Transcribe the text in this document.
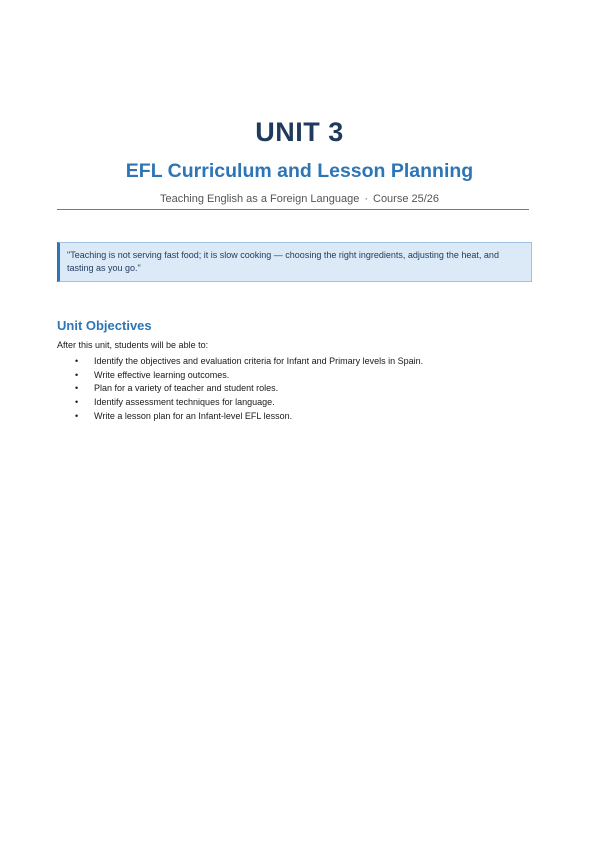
UNIT 3
EFL Curriculum and Lesson Planning
Teaching English as a Foreign Language · Course 25/26
"Teaching is not serving fast food; it is slow cooking — choosing the right ingredients, adjusting the heat, and tasting as you go."
Unit Objectives
After this unit, students will be able to:
• Identify the objectives and evaluation criteria for Infant and Primary levels in Spain.
• Write effective learning outcomes.
• Plan for a variety of teacher and student roles.
• Identify assessment techniques for language.
• Write a lesson plan for an Infant-level EFL lesson.
